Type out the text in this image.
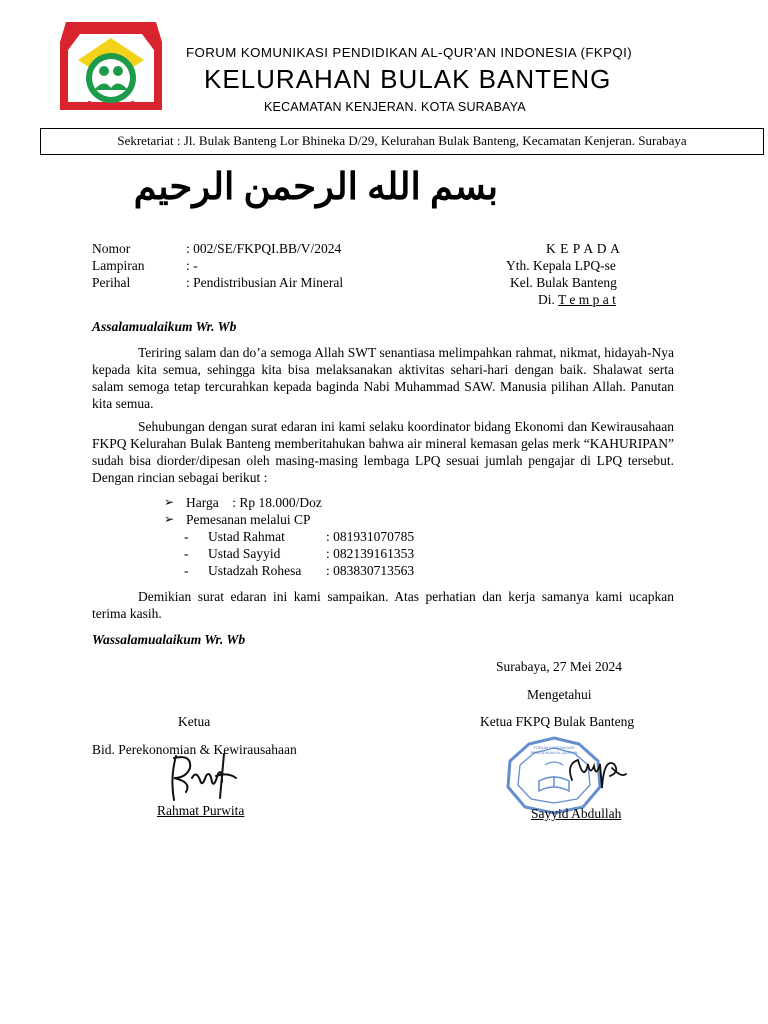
FORUM KOMUNIKASI PENDIDIKAN AL-QUR’AN INDONESIA (FKPQI)
KELURAHAN BULAK BANTENG
KECAMATAN KENJERAN. KOTA SURABAYA
Sekretariat : Jl. Bulak Banteng Lor Bhineka D/29, Kelurahan Bulak Banteng, Kecamatan Kenjeran. Surabaya
بسم الله الرحمن الرحيم
Nomor	: 002/SE/FKPQI.BB/V/2024
Lampiran	: -
Perihal	: Pendistribusian Air Mineral
K E P A D A
Yth. Kepala LPQ-se
Kel. Bulak Banteng
Di. T e m p a t
Assalamualaikum Wr. Wb
Teriring salam dan do’a semoga Allah SWT senantiasa melimpahkan rahmat, nikmat, hidayah-Nya kepada kita semua, sehingga kita bisa melaksanakan aktivitas sehari-hari dengan baik. Shalawat serta salam semoga tetap tercurahkan kepada baginda Nabi Muhammad SAW. Manusia pilihan Allah. Panutan kita semua.
Sehubungan dengan surat edaran ini kami selaku koordinator bidang Ekonomi dan Kewirausahaan FKPQ Kelurahan Bulak Banteng memberitahukan bahwa air mineral kemasan gelas merk “KAHURIPAN” sudah bisa diorder/dipesan oleh masing-masing lembaga LPQ sesuai jumlah pengajar di LPQ tersebut. Dengan rincian sebagai berikut :
➢ Harga    : Rp 18.000/Doz
➢ Pemesanan melalui CP
-	Ustad Rahmat	: 081931070785
-	Ustad Sayyid	: 082139161353
-	Ustadzah Rohesa	: 083830713563
Demikian surat edaran ini kami sampaikan. Atas perhatian dan kerja samanya kami ucapkan terima kasih.
Wassalamualaikum Wr. Wb
Surabaya, 27 Mei 2024
Mengetahui
Ketua	Ketua FKPQ Bulak Banteng
Bid. Perekonomian & Kewirausahaan	FORUM KOMUNIKASI PENDIDIKAN AL-QUR'AN
Rahmat Purwita	Sayyid Abdullah
